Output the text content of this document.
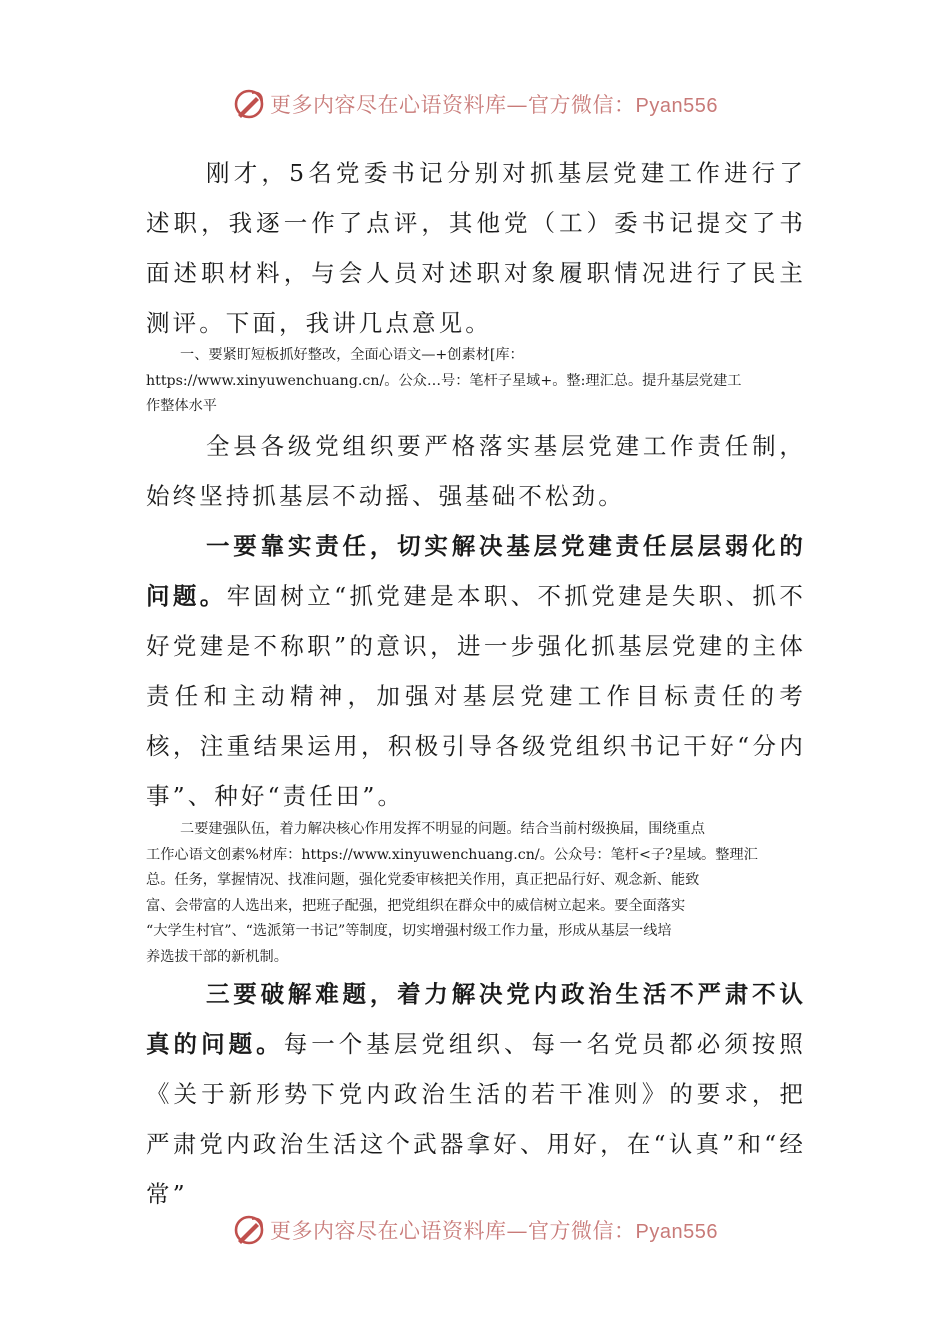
更多内容尽在心语资料库—官方微信：Pyan556

刚才，5名党委书记分别对抓基层党建工作进行了述职，我逐一作了点评，其他党（工）委书记提交了书面述职材料，与会人员对述职对象履职情况进行了民主测评。下面，我讲几点意见。

一、要紧盯短板抓好整改，全面心语文—+创素材[库：

https://www.xinyuwenchuang.cn/。公众…号：笔杆子星域+。整:理汇总。提升基层党建工

作整体水平

全县各级党组织要严格落实基层党建工作责任制，始终坚持抓基层不动摇、强基础不松劲。

一要靠实责任，切实解决基层党建责任层层弱化的问题。牢固树立“抓党建是本职、不抓党建是失职、抓不好党建是不称职”的意识，进一步强化抓基层党建的主体责任和主动精神，加强对基层党建工作目标责任的考核，注重结果运用，积极引导各级党组织书记干好“分内事”、种好“责任田”。

二要建强队伍，着力解决核心作用发挥不明显的问题。结合当前村级换届，围绕重点

工作心语文创素%材库：https://www.xinyuwenchuang.cn/。公众号：笔杆<子?星域。整理汇

总。任务，掌握情况、找准问题，强化党委审核把关作用，真正把品行好、观念新、能致

富、会带富的人选出来，把班子配强，把党组织在群众中的威信树立起来。要全面落实

“大学生村官”、“选派第一书记”等制度，切实增强村级工作力量，形成从基层一线培

养选拔干部的新机制。

三要破解难题，着力解决党内政治生活不严肃不认真的问题。每一个基层党组织、每一名党员都必须按照《关于新形势下党内政治生活的若干准则》的要求，把严肃党内政治生活这个武器拿好、用好，在“认真”和“经常”

更多内容尽在心语资料库—官方微信：Pyan556
